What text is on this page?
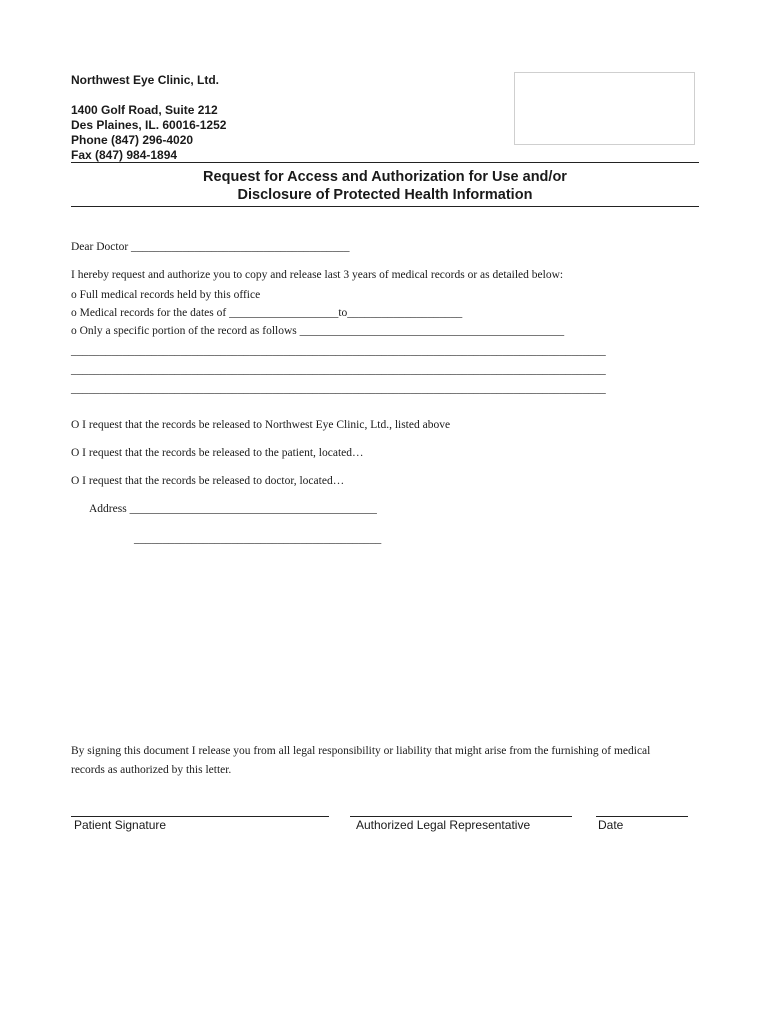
Northwest Eye Clinic, Ltd.
1400 Golf Road, Suite 212
Des Plaines, IL. 60016-1252
Phone (847) 296-4020
Fax (847) 984-1894
Request for Access and Authorization for Use and/or
Disclosure of Protected Health Information
Dear Doctor ______________________________________
I hereby request and authorize you to copy and release last 3 years of medical records or as detailed below:
o Full medical records held by this office
o Medical records for the dates of ___________________to____________________
o Only a specific portion of the record as follows ______________________________________________
_____________________________________________________________________________________________
_____________________________________________________________________________________________
_____________________________________________________________________________________________
O I request that the records be released to Northwest Eye Clinic, Ltd., listed above
O I request that the records be released to the patient, located…
O I request that the records be released to doctor, located…
Address ___________________________________________
___________________________________________
By signing this document I release you from all legal responsibility or liability that might arise from the furnishing of medical
records as authorized by this letter.
Patient Signature	Authorized Legal Representative	Date
